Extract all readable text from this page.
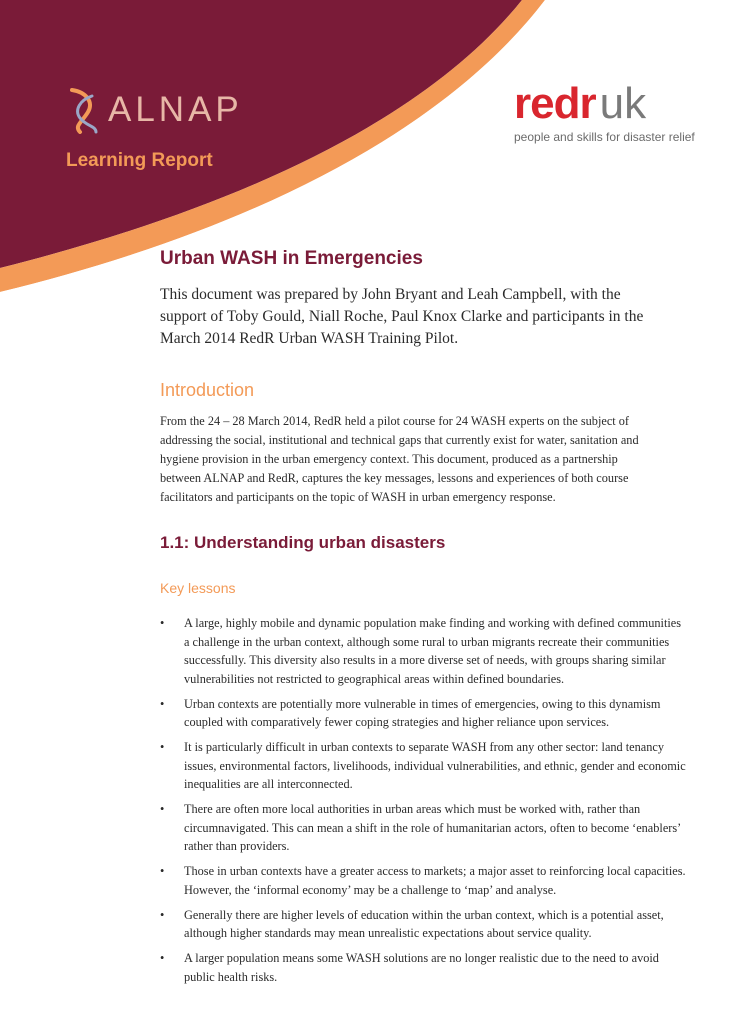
ALNAP
Learning Report
redruk
people and skills for disaster relief
Urban WASH in Emergencies
This document was prepared by John Bryant and Leah Campbell, with the support of Toby Gould, Niall Roche, Paul Knox Clarke and participants in the March 2014 RedR Urban WASH Training Pilot.
Introduction
From the 24 – 28 March 2014, RedR held a pilot course for 24 WASH experts on the subject of addressing the social, institutional and technical gaps that currently exist for water, sanitation and hygiene provision in the urban emergency context. This document, produced as a partnership between ALNAP and RedR, captures the key messages, lessons and experiences of both course facilitators and participants on the topic of WASH in urban emergency response.
1.1: Understanding urban disasters
Key lessons
• A large, highly mobile and dynamic population make finding and working with defined communities a challenge in the urban context, although some rural to urban migrants recreate their communities successfully. This diversity also results in a more diverse set of needs, with groups sharing similar vulnerabilities not restricted to geographical areas within defined boundaries.
• Urban contexts are potentially more vulnerable in times of emergencies, owing to this dynamism coupled with comparatively fewer coping strategies and higher reliance upon services.
• It is particularly difficult in urban contexts to separate WASH from any other sector: land tenancy issues, environmental factors, livelihoods, individual vulnerabilities, and ethnic, gender and economic inequalities are all interconnected.
• There are often more local authorities in urban areas which must be worked with, rather than circumnavigated. This can mean a shift in the role of humanitarian actors, often to become ‘enablers’ rather than providers.
• Those in urban contexts have a greater access to markets; a major asset to reinforcing local capacities. However, the ‘informal economy’ may be a challenge to ‘map’ and analyse.
• Generally there are higher levels of education within the urban context, which is a potential asset, although higher standards may mean unrealistic expectations about service quality.
• A larger population means some WASH solutions are no longer realistic due to the need to avoid public health risks.
